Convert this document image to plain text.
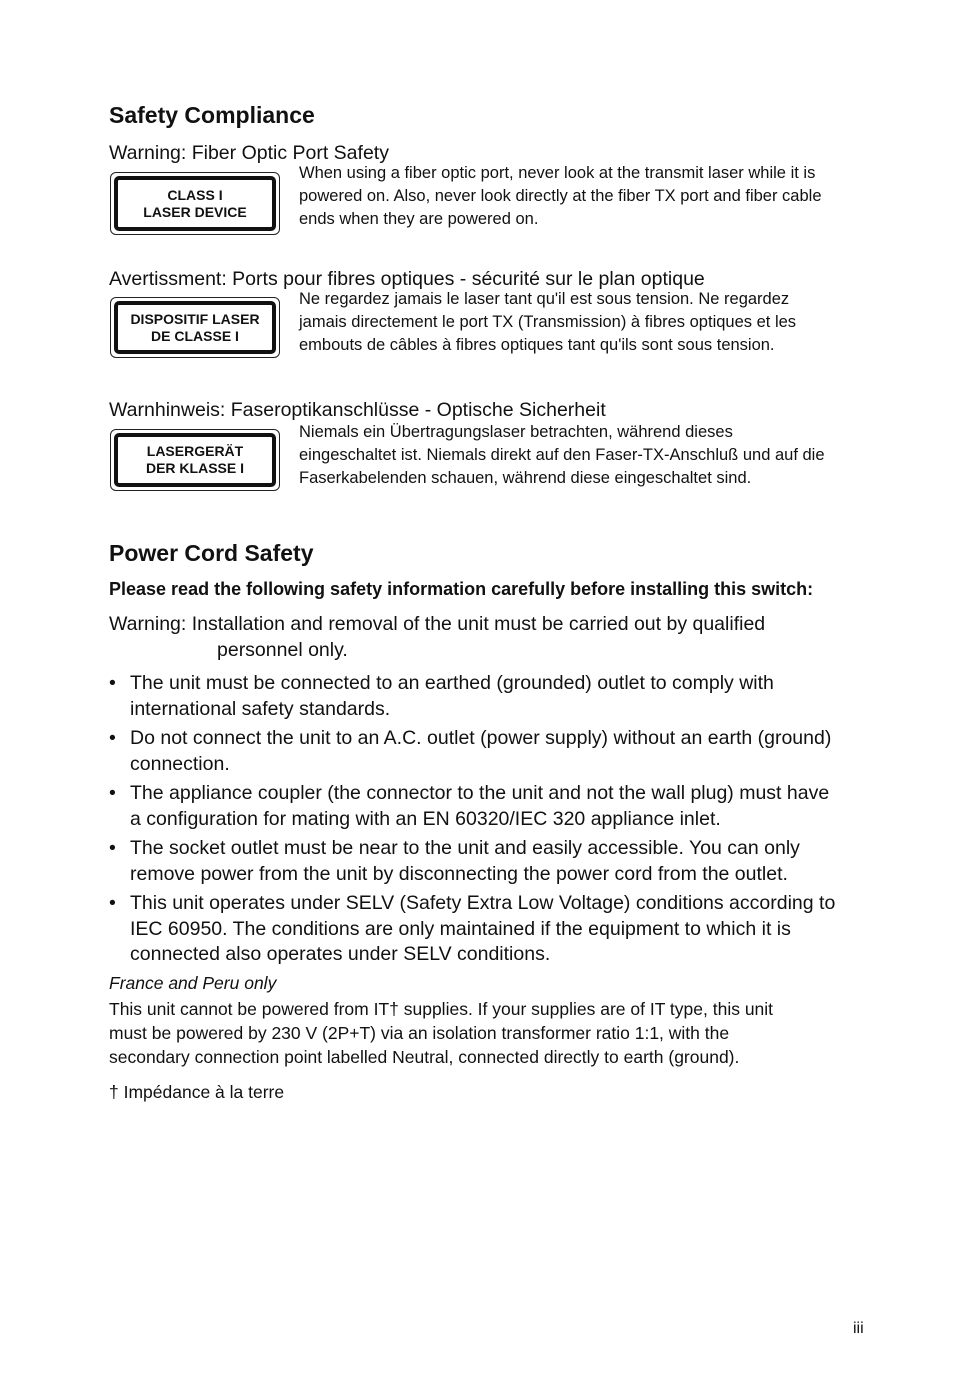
Safety Compliance
Warning: Fiber Optic Port Safety
CLASS I
LASER DEVICE
When using a fiber optic port, never look at the transmit laser while it is
powered on. Also, never look directly at the fiber TX port and fiber cable
ends when they are powered on.
Avertissment: Ports pour fibres optiques - sécurité sur le plan optique
DISPOSITIF LASER
DE CLASSE I
Ne regardez jamais le laser tant qu'il est sous tension. Ne regardez
jamais directement le port TX (Transmission) à fibres optiques et les
embouts de câbles à fibres optiques tant qu'ils sont sous tension.
Warnhinweis: Faseroptikanschlüsse - Optische Sicherheit
LASERGERÄT
DER KLASSE I
Niemals ein Übertragungslaser betrachten, während dieses
eingeschaltet ist. Niemals direkt auf den Faser-TX-Anschluß und auf die
Faserkabelenden schauen, während diese eingeschaltet sind.
Power Cord Safety
Please read the following safety information carefully before installing this switch:
Warning: Installation and removal of the unit must be carried out by qualified
personnel only.
• The unit must be connected to an earthed (grounded) outlet to comply with
international safety standards.
• Do not connect the unit to an A.C. outlet (power supply) without an earth (ground)
connection.
• The appliance coupler (the connector to the unit and not the wall plug) must have
a configuration for mating with an EN 60320/IEC 320 appliance inlet.
• The socket outlet must be near to the unit and easily accessible. You can only
remove power from the unit by disconnecting the power cord from the outlet.
• This unit operates under SELV (Safety Extra Low Voltage) conditions according to
IEC 60950. The conditions are only maintained if the equipment to which it is
connected also operates under SELV conditions.
France and Peru only
This unit cannot be powered from IT† supplies. If your supplies are of IT type, this unit
must be powered by 230 V (2P+T) via an isolation transformer ratio 1:1, with the
secondary connection point labelled Neutral, connected directly to earth (ground).
† Impédance à la terre
iii
